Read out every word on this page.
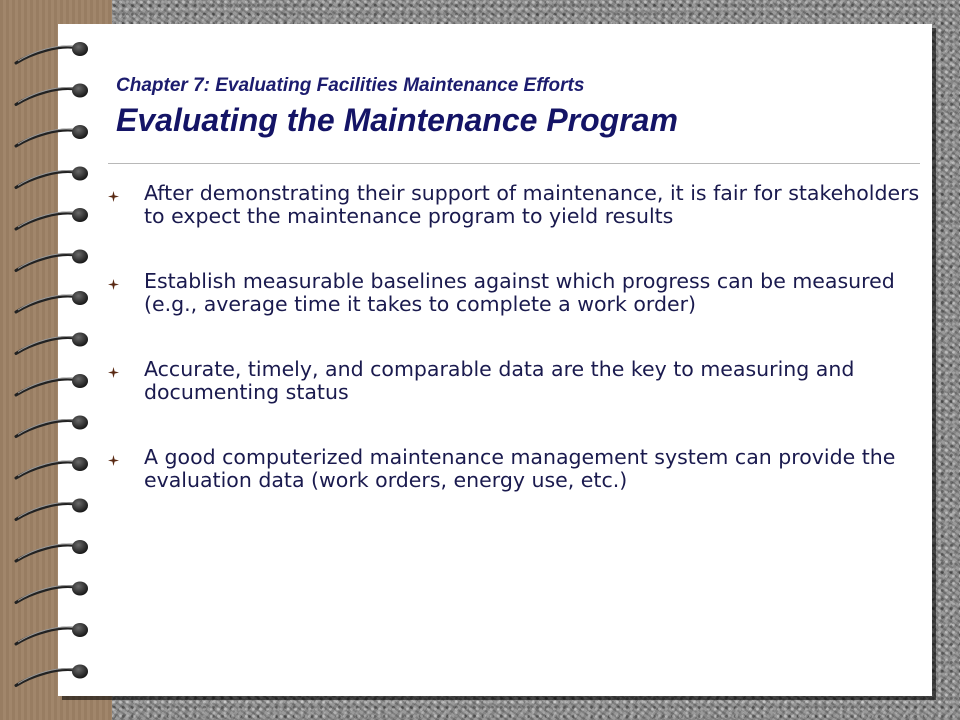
Chapter 7: Evaluating Facilities Maintenance Efforts
Evaluating the Maintenance Program
After demonstrating their support of maintenance, it is fair for stakeholders to expect the maintenance program to yield results
Establish measurable baselines against which progress can be measured (e.g., average time it takes to complete a work order)
Accurate, timely, and comparable data are the key to measuring and documenting status
A good computerized maintenance management system can provide the evaluation data (work orders, energy use, etc.)
